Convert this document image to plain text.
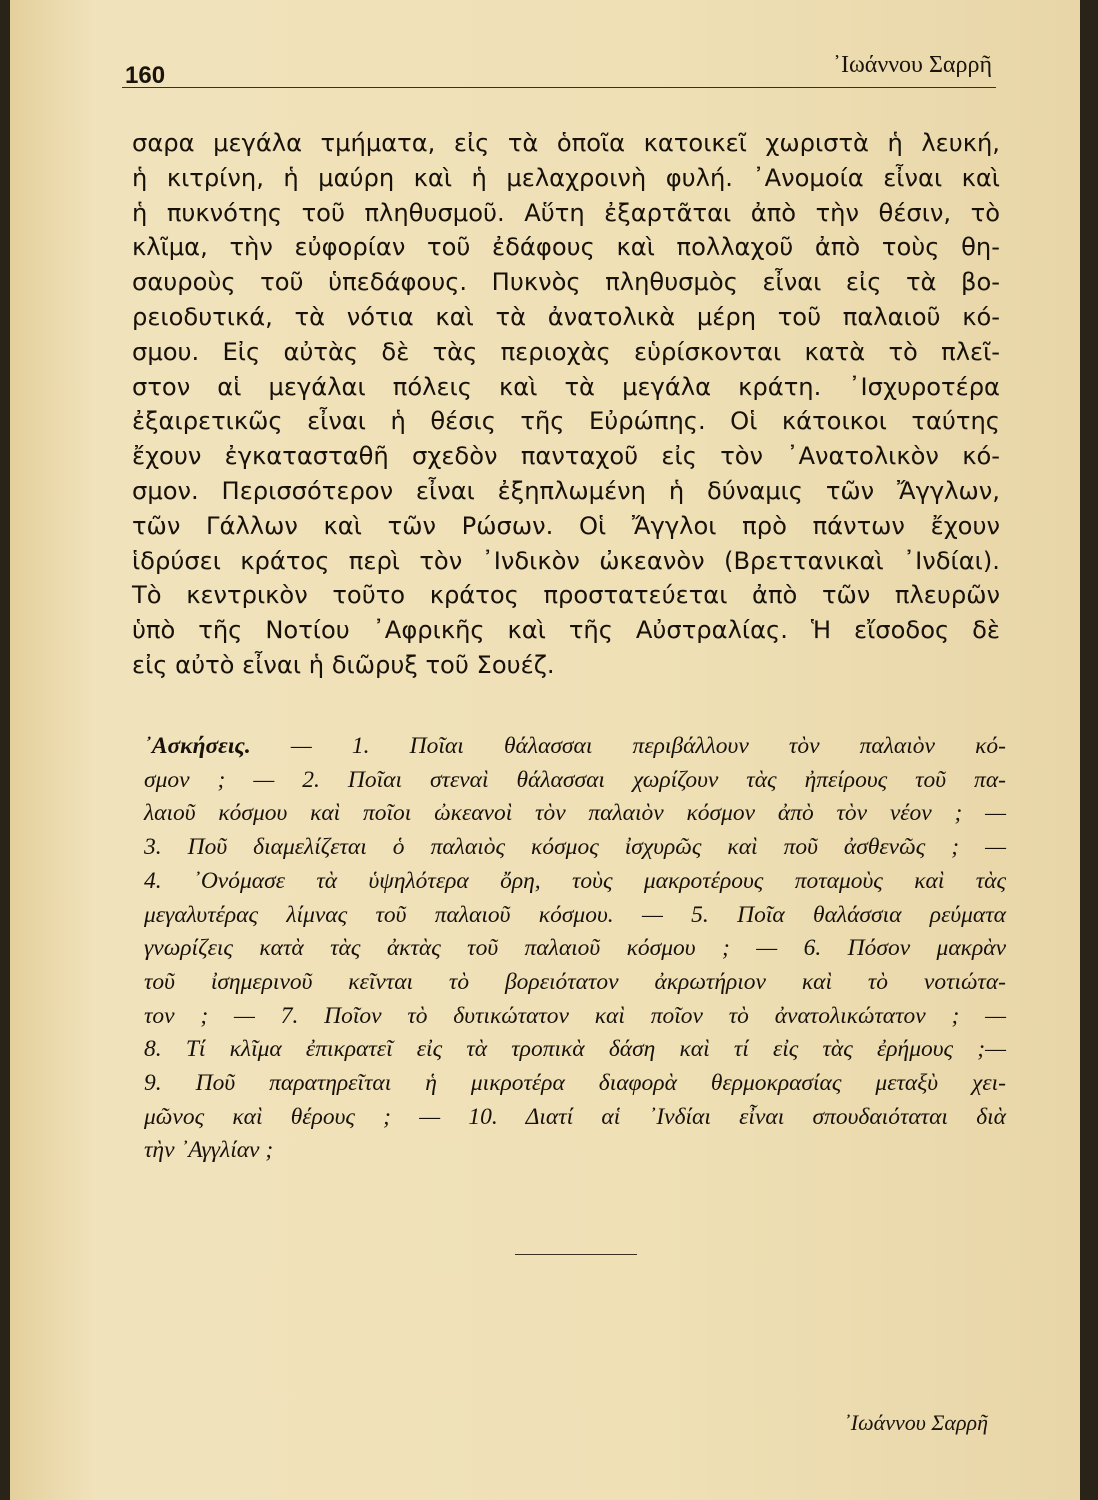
160	᾿Ιωάννου Σαρρῆ
σαρα μεγάλα τμήματα, εἰς τὰ ὁποῖα κατοικεῖ χωριστὰ ἡ λευκή,
ἡ κιτρίνη, ἡ μαύρη καὶ ἡ μελαχροινὴ φυλή. ᾿Ανομοία εἶναι καὶ
ἡ πυκνότης τοῦ πληθυσμοῦ. Αὕτη ἐξαρτᾶται ἀπὸ τὴν θέσιν, τὸ
κλῖμα, τὴν εὐφορίαν τοῦ ἐδάφους καὶ πολλαχοῦ ἀπὸ τοὺς θη-
σαυροὺς τοῦ ὑπεδάφους. Πυκνὸς πληθυσμὸς εἶναι εἰς τὰ βο-
ρειοδυτικά, τὰ νότια καὶ τὰ ἀνατολικὰ μέρη τοῦ παλαιοῦ κό-
σμου. Εἰς αὐτὰς δὲ τὰς περιοχὰς εὑρίσκονται κατὰ τὸ πλεῖ-
στον αἱ μεγάλαι πόλεις καὶ τὰ μεγάλα κράτη. ᾿Ισχυροτέρα
ἐξαιρετικῶς εἶναι ἡ θέσις τῆς Εὐρώπης. Οἱ κάτοικοι ταύτης
ἔχουν ἐγκατασταθῆ σχεδὸν πανταχοῦ εἰς τὸν ᾿Ανατολικὸν κό-
σμον. Περισσότερον εἶναι ἐξηπλωμένη ἡ δύναμις τῶν Ἄγγλων,
τῶν Γάλλων καὶ τῶν Ρώσων. Οἱ Ἄγγλοι πρὸ πάντων ἔχουν
ἱδρύσει κράτος περὶ τὸν ᾿Ινδικὸν ὠκεανὸν (Βρεττανικαὶ ᾿Ινδίαι).
Τὸ κεντρικὸν τοῦτο κράτος προστατεύεται ἀπὸ τῶν πλευρῶν
ὑπὸ τῆς Νοτίου ᾿Αφρικῆς καὶ τῆς Αὐστραλίας. Ἡ εἴσοδος δὲ
εἰς αὐτὸ εἶναι ἡ διῶρυξ τοῦ Σουέζ.
᾿Ασκήσεις. — 1. Ποῖαι θάλασσαι περιβάλλουν τὸν παλαιὸν κό-
σμον ; — 2. Ποῖαι στεναὶ θάλασσαι χωρίζουν τὰς ἠπείρους τοῦ πα-
λαιοῦ κόσμου καὶ ποῖοι ὠκεανοὶ τὸν παλαιὸν κόσμον ἀπὸ τὸν νέον ; —
3. Ποῦ διαμελίζεται ὁ παλαιὸς κόσμος ἰσχυρῶς καὶ ποῦ ἀσθενῶς ; —
4. ᾿Ονόμασε τὰ ὑψηλότερα ὄρη, τοὺς μακροτέρους ποταμοὺς καὶ τὰς
μεγαλυτέρας λίμνας τοῦ παλαιοῦ κόσμου. — 5. Ποῖα θαλάσσια ρεύματα
γνωρίζεις κατὰ τὰς ἀκτὰς τοῦ παλαιοῦ κόσμου ; — 6. Πόσον μακρὰν
τοῦ ἰσημερινοῦ κεῖνται τὸ βορειότατον ἀκρωτήριον καὶ τὸ νοτιώτα-
τον ; — 7. Ποῖον τὸ δυτικώτατον καὶ ποῖον τὸ ἀνατολικώτατον ; —
8. Τί κλῖμα ἐπικρατεῖ εἰς τὰ τροπικὰ δάση καὶ τί εἰς τὰς ἐρήμους ;—
9. Ποῦ παρατηρεῖται ἡ μικροτέρα διαφορὰ θερμοκρασίας μεταξὺ χει-
μῶνος καὶ θέρους ; — 10. Διατί αἱ ᾿Ινδίαι εἶναι σπουδαιόταται διὰ
τὴν ᾿Αγγλίαν ;
᾿Ιωάννου Σαρρῆ
